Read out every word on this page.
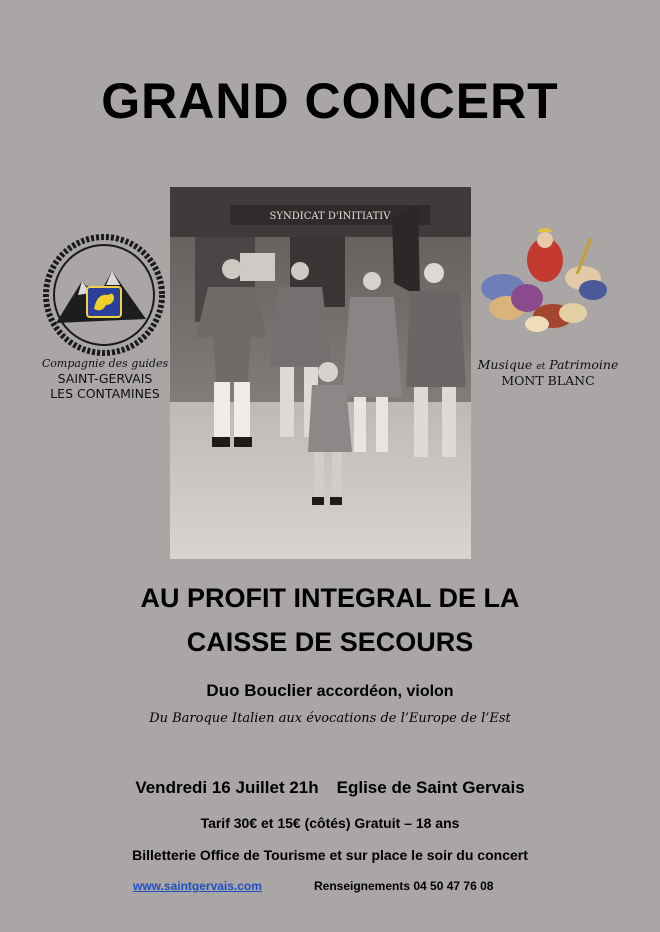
GRAND CONCERT
Compagnie des guides
SAINT-GERVAIS
LES CONTAMINES
SYNDICAT D'INITIATIV
Musique et Patrimoine
MONT BLANC
AU PROFIT INTEGRAL DE LA
CAISSE DE SECOURS
Duo Bouclier accordéon, violon
Du Baroque Italien aux évocations de l’Europe de l’Est
Vendredi 16 Juillet 21h Eglise de Saint Gervais
Tarif 30€ et 15€ (côtés) Gratuit – 18 ans
Billetterie Office de Tourisme et sur place le soir du concert
www.saintgervais.com	Renseignements 04 50 47 76 08
